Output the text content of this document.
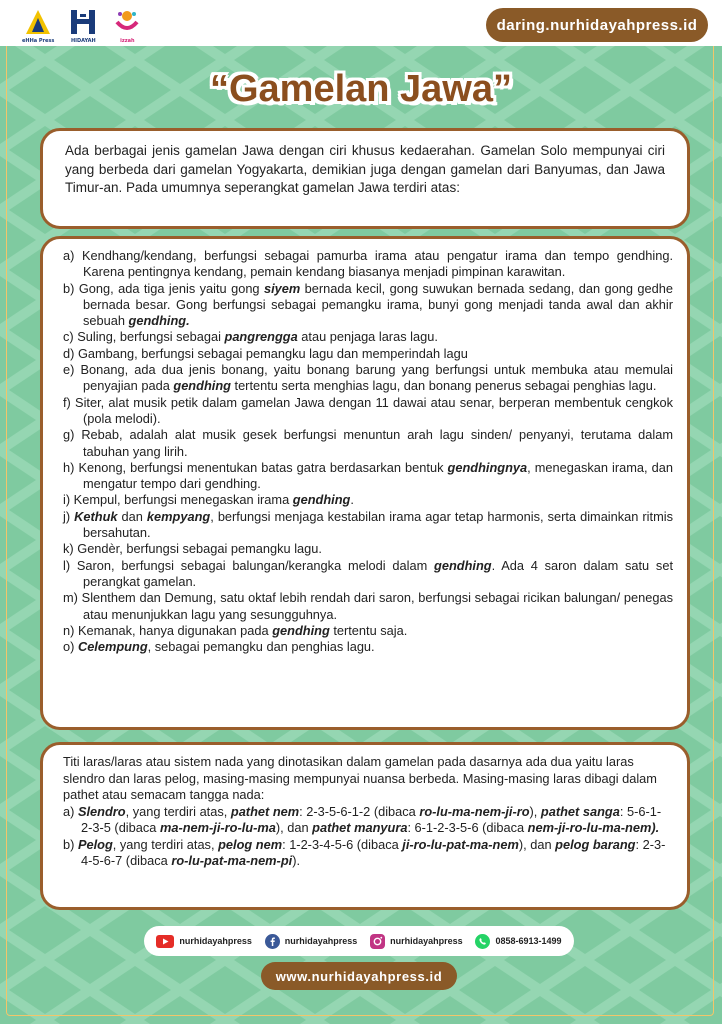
eHHa Press	HIDAYAH	izzah
daring.nurhidayahpress.id
“Gamelan Jawa”

Ada berbagai jenis gamelan Jawa dengan ciri khusus kedaerahan. Gamelan Solo mempunyai ciri yang berbeda dari gamelan Yogyakarta, demikian juga dengan gamelan dari Banyumas, dan Jawa Timur-an. Pada umumnya seperangkat gamelan Jawa terdiri atas:

a) Kendhang/kendang, berfungsi sebagai pamurba irama atau pengatur irama dan tempo gendhing. Karena pentingnya kendang, pemain kendang biasanya menjadi pimpinan karawitan.
b) Gong, ada tiga jenis yaitu gong siyem bernada kecil, gong suwukan bernada sedang, dan gong gedhe bernada besar. Gong berfungsi sebagai pemangku irama, bunyi gong menjadi tanda awal dan akhir sebuah gendhing.
c) Suling, berfungsi sebagai pangrengga atau penjaga laras lagu.
d) Gambang, berfungsi sebagai pemangku lagu dan memperindah lagu
e) Bonang, ada dua jenis bonang, yaitu bonang barung yang berfungsi untuk membuka atau memulai penyajian pada gendhing tertentu serta menghias lagu, dan bonang penerus sebagai penghias lagu.
f) Siter, alat musik petik dalam gamelan Jawa dengan 11 dawai atau senar, berperan membentuk cengkok (pola melodi).
g) Rebab, adalah alat musik gesek berfungsi menuntun arah lagu sinden/ penyanyi, terutama dalam tabuhan yang lirih.
h) Kenong, berfungsi menentukan batas gatra berdasarkan bentuk gendhingnya, menegaskan irama, dan mengatur tempo dari gendhing.
i) Kempul, berfungsi menegaskan irama gendhing.
j) Kethuk dan kempyang, berfungsi menjaga kestabilan irama agar tetap harmonis, serta dimainkan ritmis bersahutan.
k) Gendèr, berfungsi sebagai pemangku lagu.
l) Saron, berfungsi sebagai balungan/kerangka melodi dalam gendhing. Ada 4 saron dalam satu set perangkat gamelan.
m) Slenthem dan Demung, satu oktaf lebih rendah dari saron, berfungsi sebagai ricikan balungan/ penegas atau menunjukkan lagu yang sesungguhnya.
n) Kemanak, hanya digunakan pada gendhing tertentu saja.
o) Celempung, sebagai pemangku dan penghias lagu.

Titi laras/laras atau sistem nada yang dinotasikan dalam gamelan pada dasarnya ada dua yaitu laras slendro dan laras pelog, masing-masing mempunyai nuansa berbeda. Masing-masing laras dibagi dalam pathet atau semacam tangga nada:

a) Slendro, yang terdiri atas, pathet nem: 2-3-5-6-1-2 (dibaca ro-lu-ma-nem-ji-ro), pathet sanga: 5-6-1-2-3-5 (dibaca ma-nem-ji-ro-lu-ma), dan pathet manyura: 6-1-2-3-5-6 (dibaca nem-ji-ro-lu-ma-nem).
b) Pelog, yang terdiri atas, pelog nem: 1-2-3-4-5-6 (dibaca ji-ro-lu-pat-ma-nem), dan pelog barang: 2-3-4-5-6-7 (dibaca ro-lu-pat-ma-nem-pi).
nurhidayahpress	nurhidayahpress	nurhidayahpress	0858-6913-1499
www.nurhidayahpress.id
